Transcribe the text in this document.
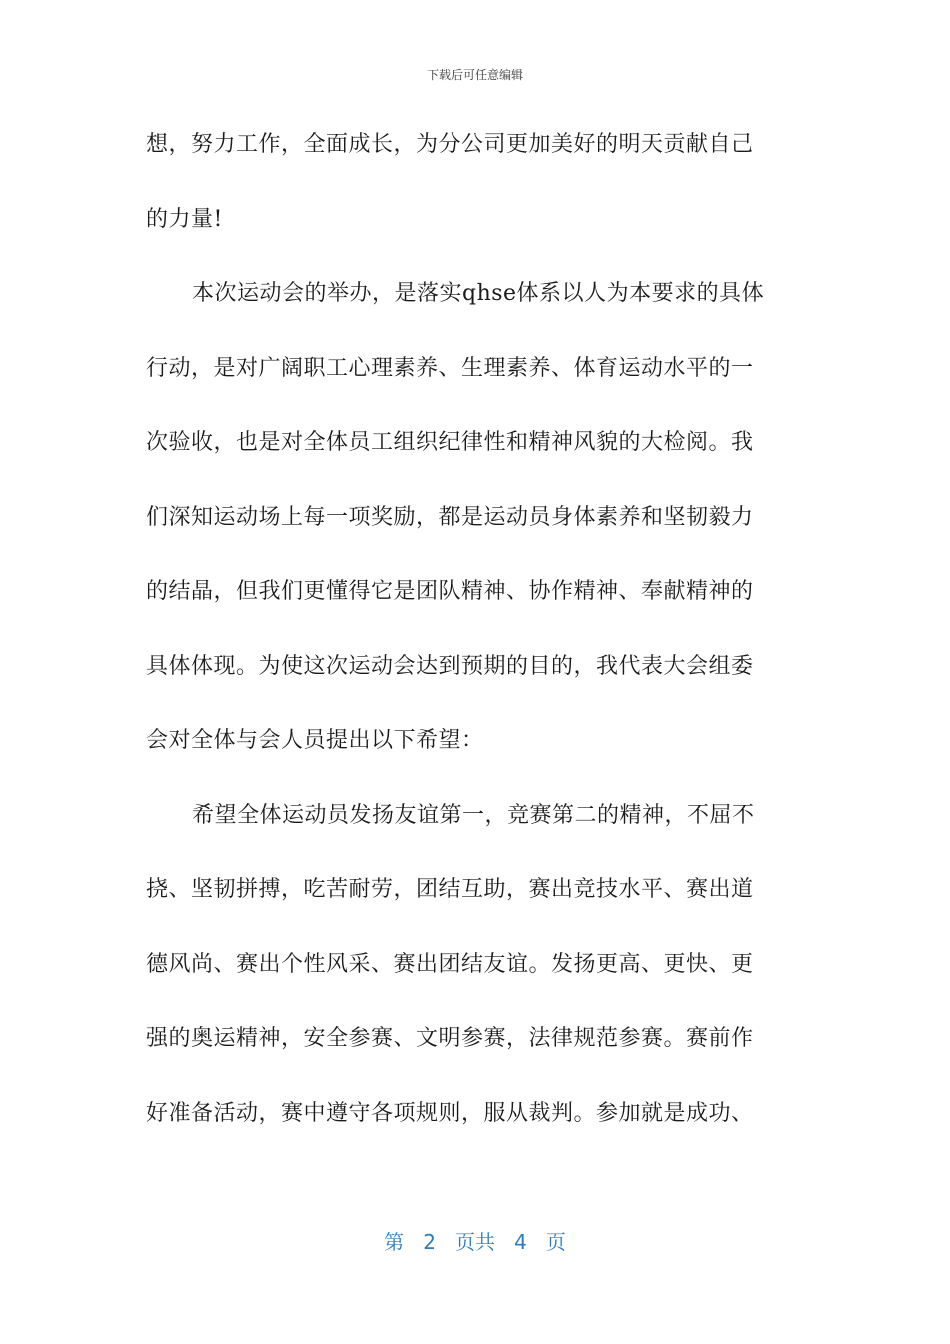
下载后可任意编辑
想，努力工作，全面成长，为分公司更加美好的明天贡献自己
的力量!
本次运动会的举办，是落实qhse体系以人为本要求的具体
行动，是对广阔职工心理素养、生理素养、体育运动水平的一
次验收，也是对全体员工组织纪律性和精神风貌的大检阅。我
们深知运动场上每一项奖励，都是运动员身体素养和坚韧毅力
的结晶，但我们更懂得它是团队精神、协作精神、奉献精神的
具体体现。为使这次运动会达到预期的目的，我代表大会组委
会对全体与会人员提出以下希望：
希望全体运动员发扬友谊第一，竞赛第二的精神，不屈不
挠、坚韧拼搏，吃苦耐劳，团结互助，赛出竞技水平、赛出道
德风尚、赛出个性风采、赛出团结友谊。发扬更高、更快、更
强的奥运精神，安全参赛、文明参赛，法律规范参赛。赛前作
好准备活动，赛中遵守各项规则，服从裁判。参加就是成功、
第 2 页共 4 页
